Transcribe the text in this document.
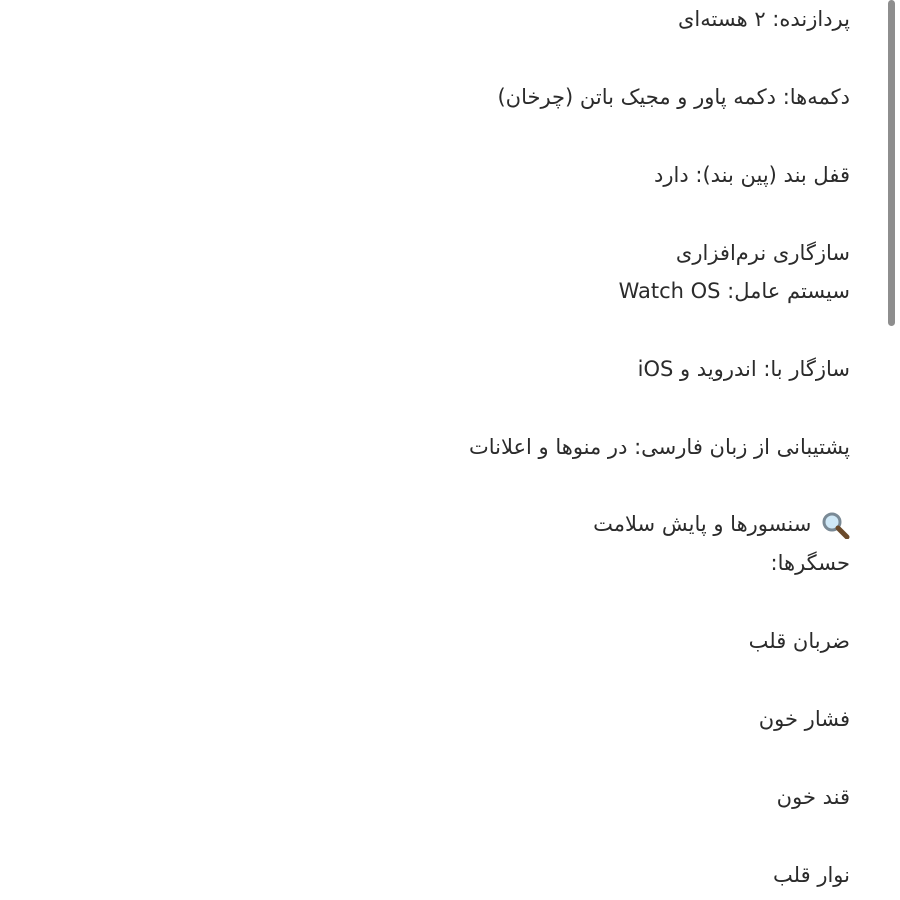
پردازنده: ۲ هسته‌ای
دکمه‌ها: دکمه پاور و مجیک باتن (چرخان)
قفل بند (پین بند): دارد
سازگاری نرم‌افزاری
سیستم عامل: Watch OS
سازگار با: اندروید و iOS
پشتیبانی از زبان فارسی: در منوها و اعلانات
سنسورها و پایش سلامت
حسگرها:
ضربان قلب
فشار خون
قند خون
نوار قلب
